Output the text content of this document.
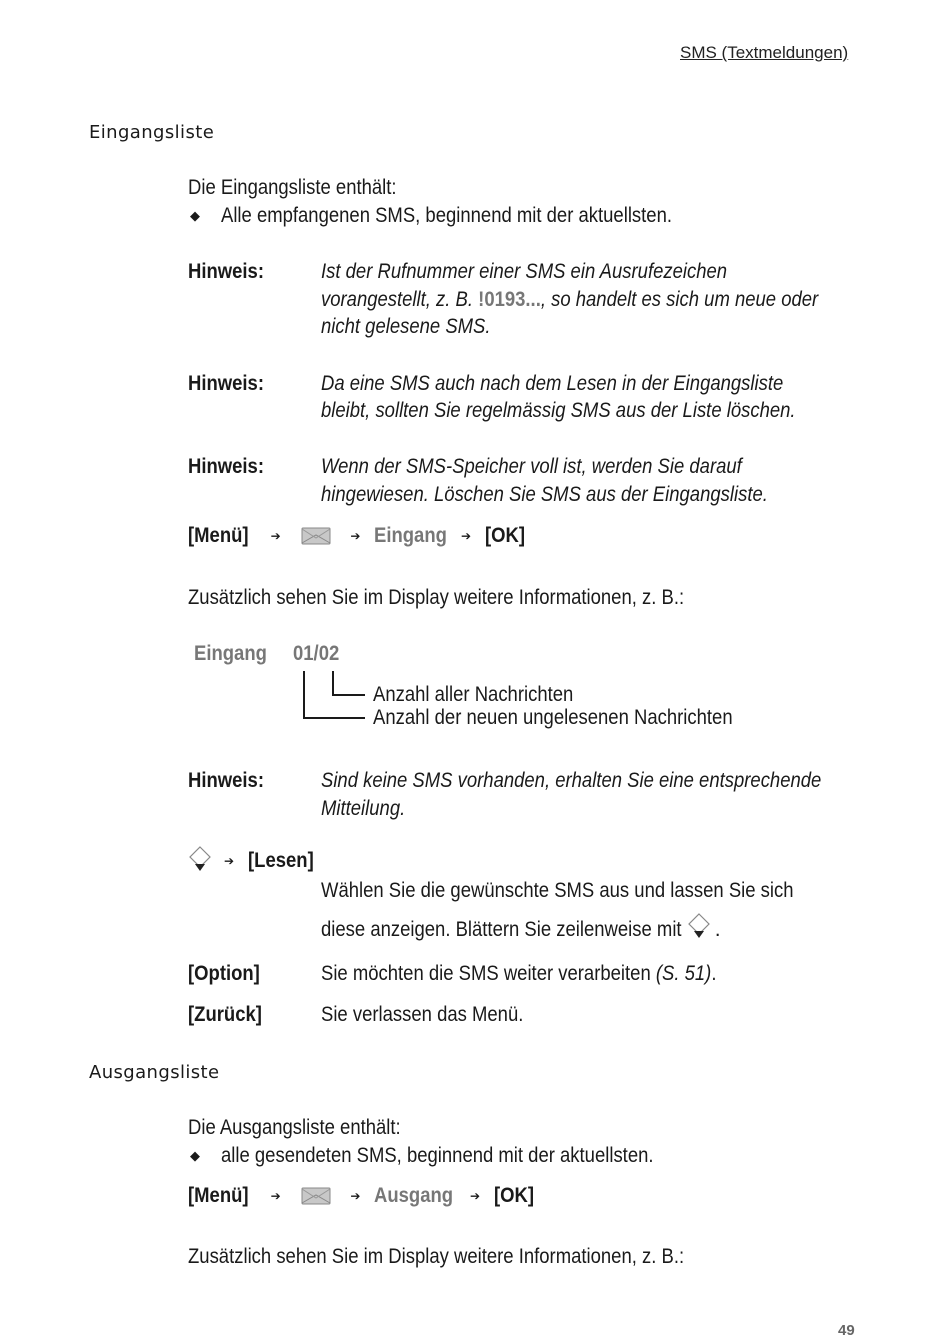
SMS (Textmeldungen)
Eingangsliste
Die Eingangsliste enthält:
◆ Alle empfangenen SMS, beginnend mit der aktuellsten.
Hinweis:	Ist der Rufnummer einer SMS ein Ausrufezeichen
vorangestellt, z. B. !0193..., so handelt es sich um neue oder
nicht gelesene SMS.
Hinweis:	Da eine SMS auch nach dem Lesen in der Eingangsliste
bleibt, sollten Sie regelmässig SMS aus der Liste löschen.
Hinweis:	Wenn der SMS-Speicher voll ist, werden Sie darauf
hingewiesen. Löschen Sie SMS aus der Eingangsliste.
[Menü] ➔	➔ Eingang ➔ [OK]
Zusätzlich sehen Sie im Display weitere Informationen, z. B.:
Eingang 01/02
Anzahl aller Nachrichten
Anzahl der neuen ungelesenen Nachrichten
Hinweis:	Sind keine SMS vorhanden, erhalten Sie eine entsprechende
Mitteilung.
➔ [Lesen]
Wählen Sie die gewünschte SMS aus und lassen Sie sich
diese anzeigen. Blättern Sie zeilenweise mit .
[Option]	Sie möchten die SMS weiter verarbeiten (S. 51).
[Zurück]	Sie verlassen das Menü.
Ausgangsliste
Die Ausgangsliste enthält:
◆ alle gesendeten SMS, beginnend mit der aktuellsten.
[Menü] ➔	➔ Ausgang ➔ [OK]
Zusätzlich sehen Sie im Display weitere Informationen, z. B.:
49
